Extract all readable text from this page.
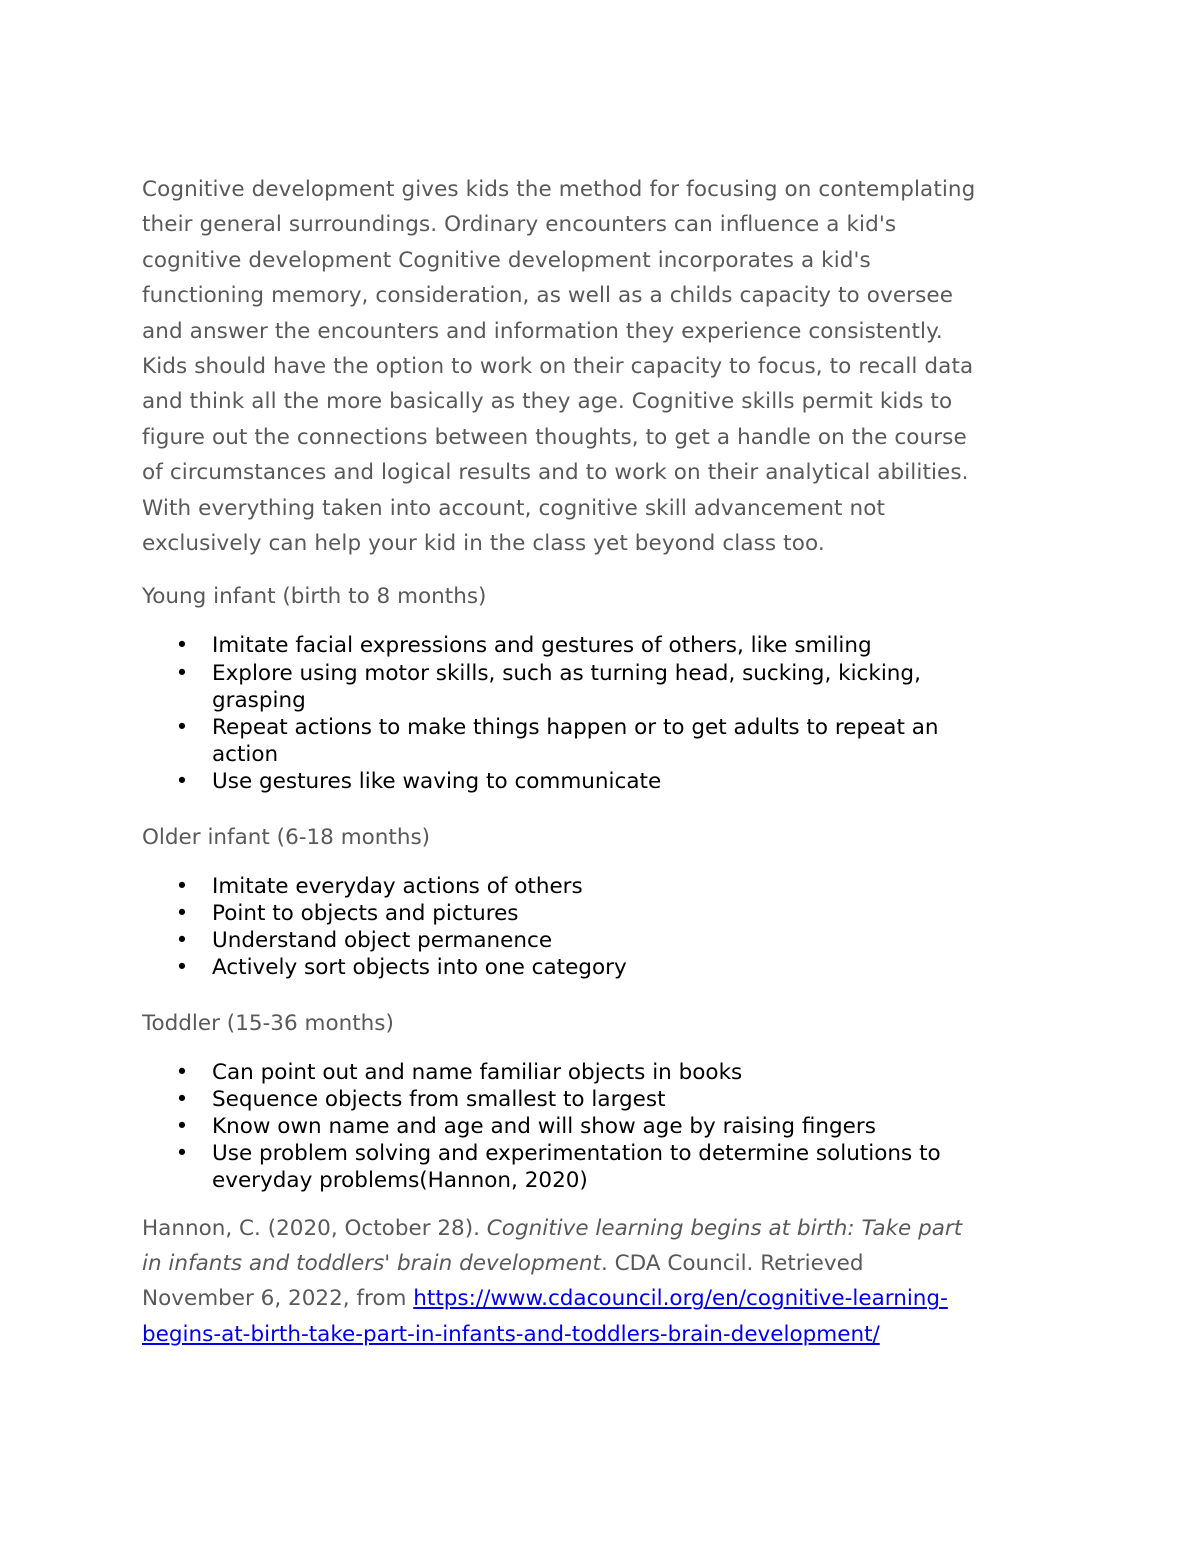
Cognitive development gives kids the method for focusing on contemplating
their general surroundings. Ordinary encounters can influence a kid's
cognitive development Cognitive development incorporates a kid's
functioning memory, consideration, as well as a childs capacity to oversee
and answer the encounters and information they experience consistently.
Kids should have the option to work on their capacity to focus, to recall data
and think all the more basically as they age. Cognitive skills permit kids to
figure out the connections between thoughts, to get a handle on the course
of circumstances and logical results and to work on their analytical abilities.
With everything taken into account, cognitive skill advancement not
exclusively can help your kid in the class yet beyond class too.

Young infant (birth to 8 months)

• Imitate facial expressions and gestures of others, like smiling
• Explore using motor skills, such as turning head, sucking, kicking,
grasping
• Repeat actions to make things happen or to get adults to repeat an
action
• Use gestures like waving to communicate

Older infant (6-18 months)

• Imitate everyday actions of others
• Point to objects and pictures
• Understand object permanence
• Actively sort objects into one category

Toddler (15-36 months)

• Can point out and name familiar objects in books
• Sequence objects from smallest to largest
• Know own name and age and will show age by raising fingers
• Use problem solving and experimentation to determine solutions to
everyday problems(Hannon, 2020)

Hannon, C. (2020, October 28). Cognitive learning begins at birth: Take part
in infants and toddlers' brain development. CDA Council. Retrieved
November 6, 2022, from https://www.cdacouncil.org/en/cognitive-learning-
begins-at-birth-take-part-in-infants-and-toddlers-brain-development/
